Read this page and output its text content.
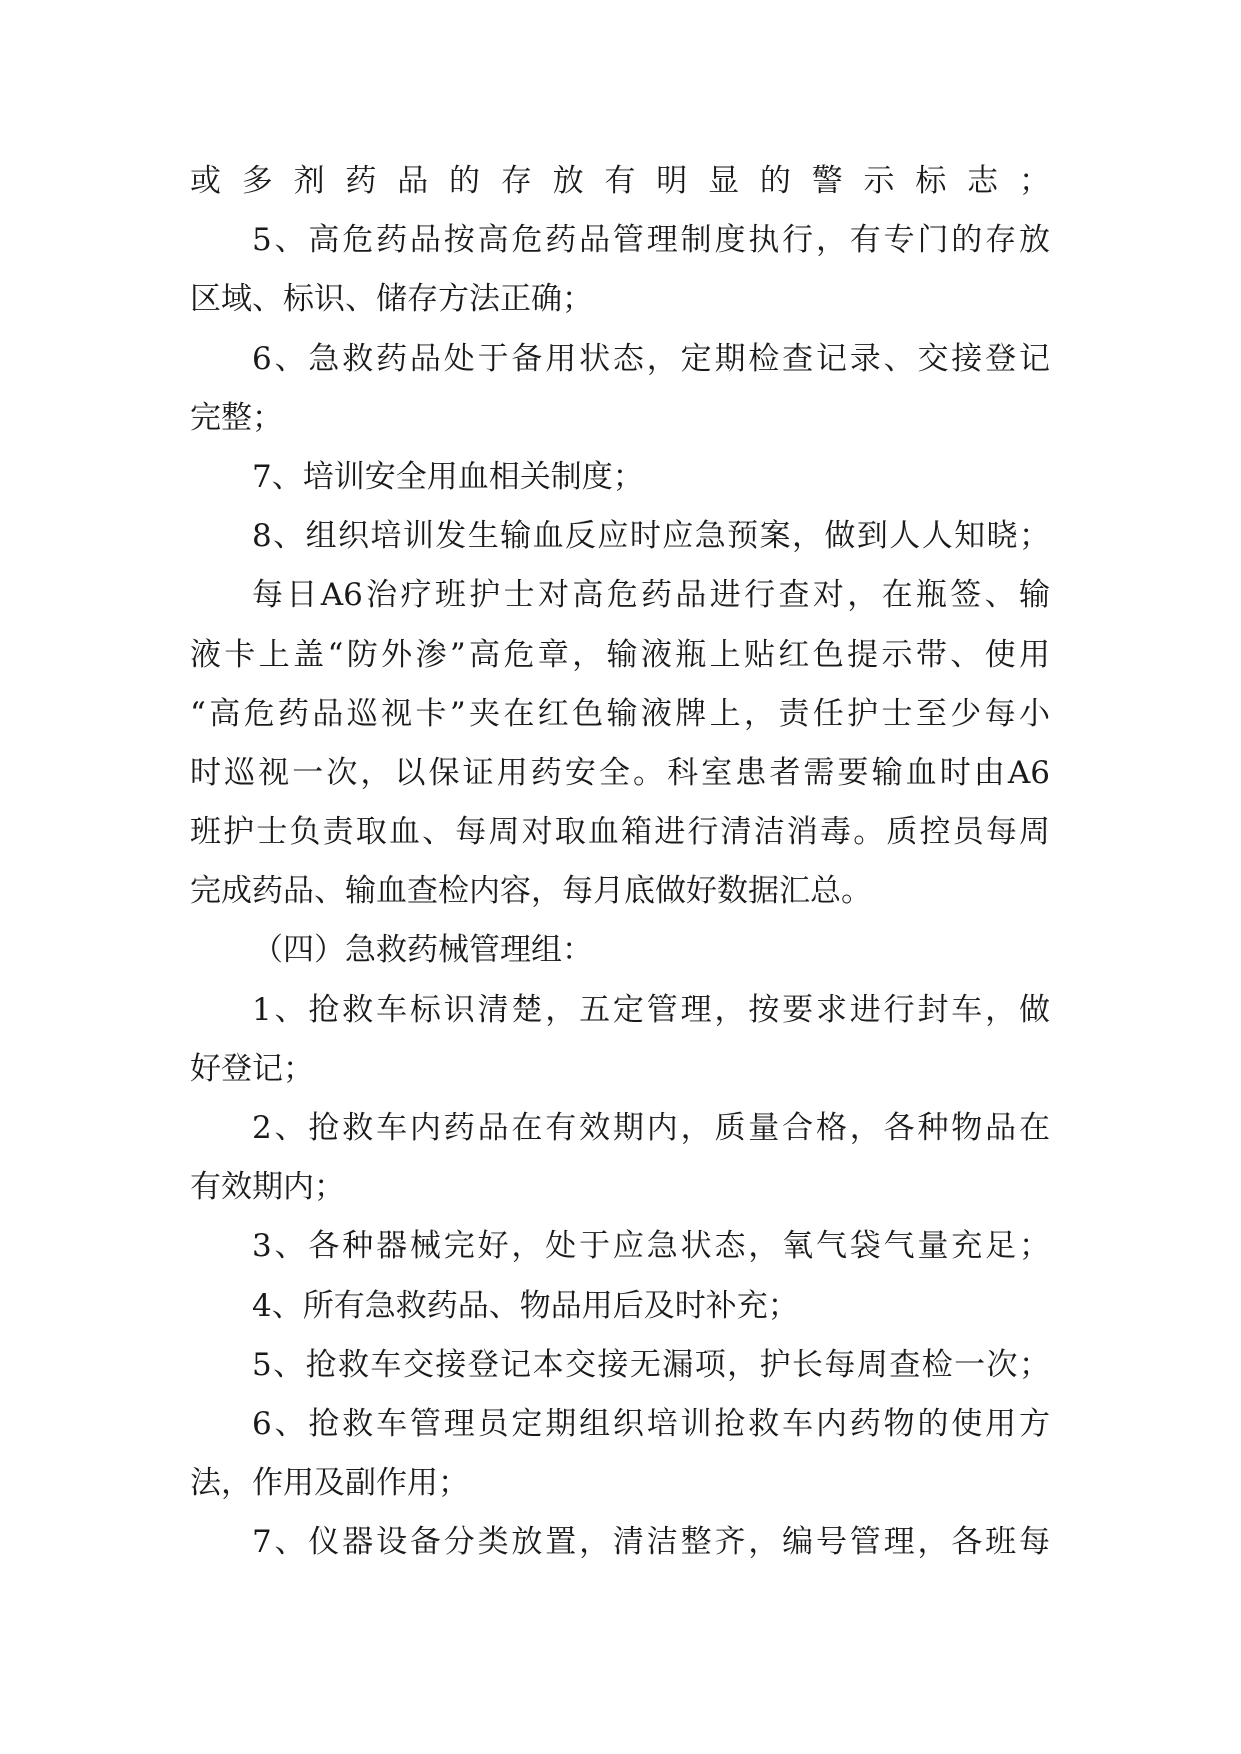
或多剂药品的存放有明显的警示标志；
5、高危药品按高危药品管理制度执行，有专门的存放
区域、标识、储存方法正确；
6、急救药品处于备用状态，定期检查记录、交接登记
完整；
7、培训安全用血相关制度；
8、组织培训发生输血反应时应急预案，做到人人知晓；
每日A6治疗班护士对高危药品进行查对，在瓶签、输
液卡上盖“防外渗”高危章，输液瓶上贴红色提示带、使用
“高危药品巡视卡”夹在红色输液牌上，责任护士至少每小
时巡视一次，以保证用药安全。科室患者需要输血时由A6
班护士负责取血、每周对取血箱进行清洁消毒。质控员每周
完成药品、输血查检内容，每月底做好数据汇总。
（四）急救药械管理组：
1、抢救车标识清楚，五定管理，按要求进行封车，做
好登记；
2、抢救车内药品在有效期内，质量合格，各种物品在
有效期内；
3、各种器械完好，处于应急状态，氧气袋气量充足；
4、所有急救药品、物品用后及时补充；
5、抢救车交接登记本交接无漏项，护长每周查检一次；
6、抢救车管理员定期组织培训抢救车内药物的使用方
法，作用及副作用；
7、仪器设备分类放置，清洁整齐，编号管理，各班每
